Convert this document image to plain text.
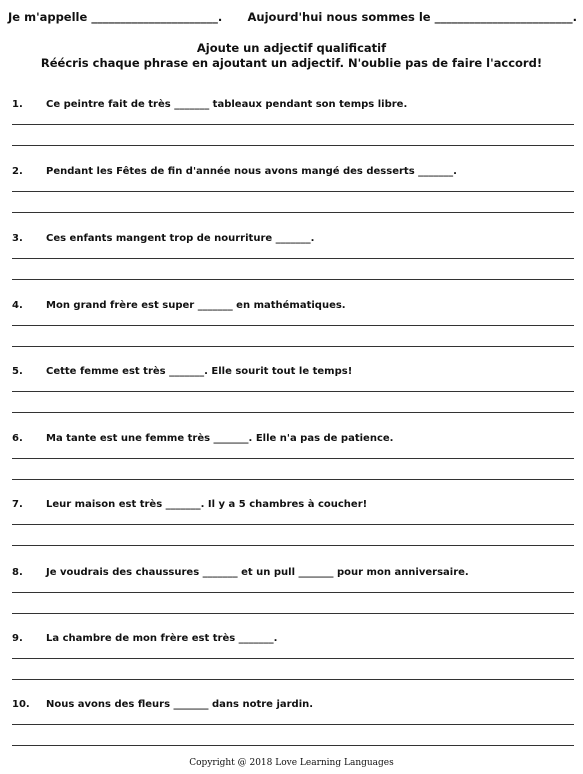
Je m'appelle
______________________. Aujourd'hui nous sommes le
________________________.
Ajoute un adjectif qualificatif
Réécris chaque phrase en ajoutant un adjectif. N'oublie pas de faire l'accord!
1.	Ce peintre fait de très _______ tableaux pendant son temps libre.
2.	Pendant les Fêtes de fin d'année nous avons mangé des desserts _______.
3.	Ces enfants mangent trop de nourriture _______.
4.	Mon grand frère est super _______ en mathématiques.
5.	Cette femme est très _______. Elle sourit tout le temps!
6.	Ma tante est une femme très _______. Elle n'a pas de patience.
7.	Leur maison est très _______. Il y a 5 chambres à coucher!
8.	Je voudrais des chaussures _______ et un pull _______ pour mon anniversaire.
9.	La chambre de mon frère est très _______.
10.	Nous avons des fleurs _______ dans notre jardin.
Copyright @ 2018 Love Learning Languages
